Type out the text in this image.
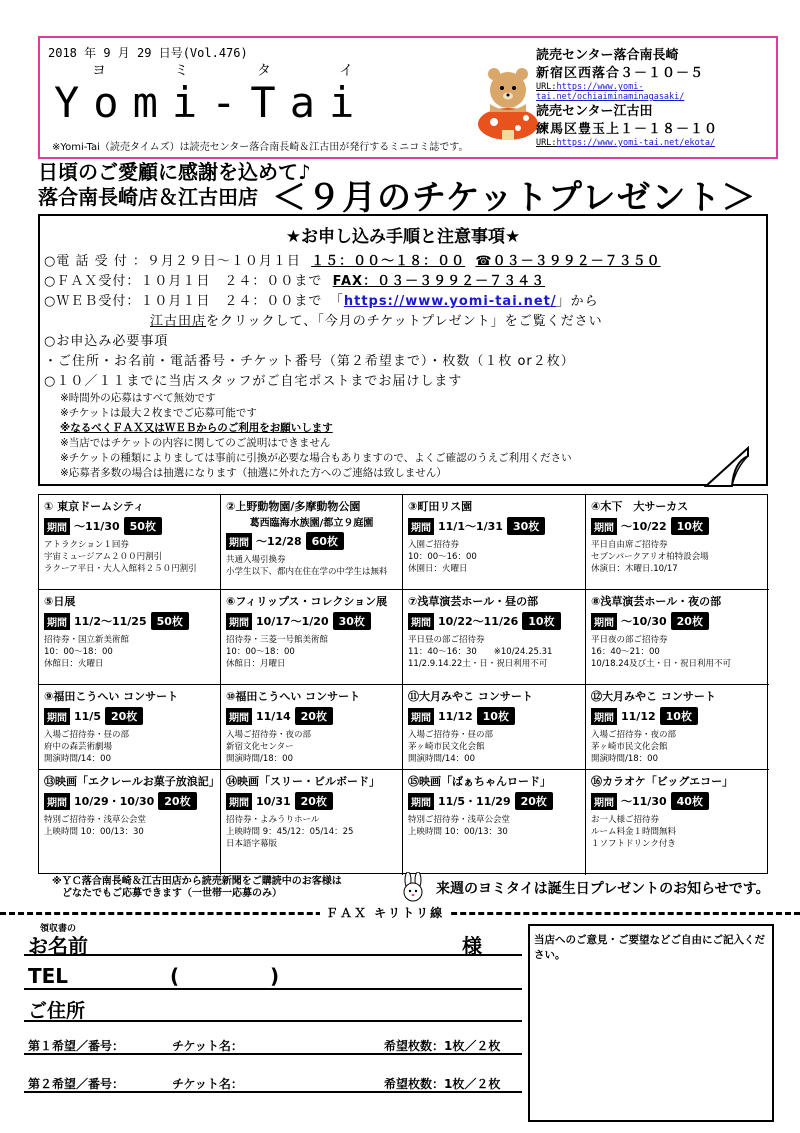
2018 年 9 月 29 日号(Vol.476)
ヨ ミ タ イ
Yomi-Tai
※Yomi-Tai（読売タイムズ）は読売センター落合南長崎＆江古田が発行するミニコミ誌です。
読売センター落合南長崎
新宿区西落合３－１０－５
URL:https://www.yomi-tai.net/ochiaiminaminagasaki/
読売センター江古田
練馬区豊玉上１－１８－１０
URL:https://www.yomi-tai.net/ekota/
日頃のご愛顧に感謝を込めて♪
落合南長崎店＆江古田店 ＜９月のチケットプレゼント＞
★お申し込み手順と注意事項★
○電 話 受 付 ：９月２９日～１０月１日 １５：００～１８：００ ☎０３－３９９２－７３５０
○ＦＡＸ受付：１０月１日　２４：００まで FAX：０３－３９９２－７３４３
○ＷＥＢ受付：１０月１日　２４：００まで　「https://www.yomi-tai.net/」から
江古田店をクリックして、「今月のチケットプレゼント」をご覧ください
○お申込み必要事項
・ご住所・お名前・電話番号・チケット番号（第２希望まで）・枚数（１枚 or２枚）
○１０／１１までに当店スタッフがご自宅ポストまでお届けします
※時間外の応募はすべて無効です
※チケットは最大２枚までご応募可能です
※なるべくＦＡＸ又はＷＥＢからのご利用をお願いします
※当店ではチケットの内容に関してのご説明はできません
※チケットの種類によりましては事前に引換が必要な場合もありますので、よくご確認のうえご利用ください
※応募者多数の場合は抽選になります（抽選に外れた方へのご連絡は致しません）
① 東京ドームシティ
期間 ～11/30 50枚
アトラクション１回券
宇宙ミュージアム２００円割引
ラクーア平日・大人入館料２５０円割引
②上野動物園/多摩動物公園
葛西臨海水族園/都立９庭園
期間 ～12/28 60枚
共通入場引換券
小学生以下、都内在住在学の中学生は無料
③町田リス園
期間 11/1～1/31 30枚
入園ご招待券
10：00～16：00
休園日：火曜日
④木下　大サーカス
期間 ～10/22 10枚
平日自由席ご招待券
セブンパークアリオ柏特設会場
休演日：木曜日.10/17
⑤日展
期間 11/2～11/25 50枚
招待券・国立新美術館
10：00～18：00
休館日：火曜日
⑥フィリップス・コレクション展
期間 10/17～1/20 30枚
招待券・三菱一号館美術館
10：00～18：00
休館日：月曜日
⑦浅草演芸ホール・昼の部
期間 10/22～11/26 10枚
平日昼の部ご招待券
11：40～16：30　　※10/24.25.31
11/2.9.14.22土・日・祝日利用不可
⑧浅草演芸ホール・夜の部
期間 ～10/30 20枚
平日夜の部ご招待券
16：40～21：00
10/18.24及び土・日・祝日利用不可
⑨福田こうへい コンサート
期間 11/5 20枚
入場ご招待券・昼の部
府中の森芸術劇場
開演時間/14：00
⑩福田こうへい コンサート
期間 11/14 20枚
入場ご招待券・夜の部
新宿文化センター
開演時間/18：00
⑪大月みやこ コンサート
期間 11/12 10枚
入場ご招待券・昼の部
茅ヶ崎市民文化会館
開演時間/14：00
⑫大月みやこ コンサート
期間 11/12 10枚
入場ご招待券・夜の部
茅ヶ崎市民文化会館
開演時間/18：00
⑬映画「エクレールお菓子放浪記」
期間 10/29・10/30 20枚
特別ご招待券・浅草公会堂
上映時間 10：00/13：30
⑭映画「スリー・ビルボード」
期間 10/31 20枚
招待券・よみうりホール
上映時間 9：45/12：05/14：25
日本語字幕版
⑮映画「ばぁちゃんロード」
期間 11/5・11/29 20枚
特別ご招待券・浅草公会堂
上映時間 10：00/13：30
⑯カラオケ「ビッグエコー」
期間 ～11/30 40枚
お一人様ご招待券
ルーム料金１時間無料
１ソフトドリンク付き
※ＹＣ落合南長崎＆江古田店から読売新聞をご購読中のお客様は
　どなたでもご応募できます（一世帯一応募のみ）	来週のヨミタイは誕生日プレゼントのお知らせです。
ＦＡＸ キリトリ線
領収書の
お名前	様
TEL	(	)
ご住所
第１希望／番号：	チケット名：	希望枚数：1枚／２枚
第２希望／番号：	チケット名：	希望枚数：1枚／２枚
当店へのご意見・ご要望などご自由にご記入ください。
